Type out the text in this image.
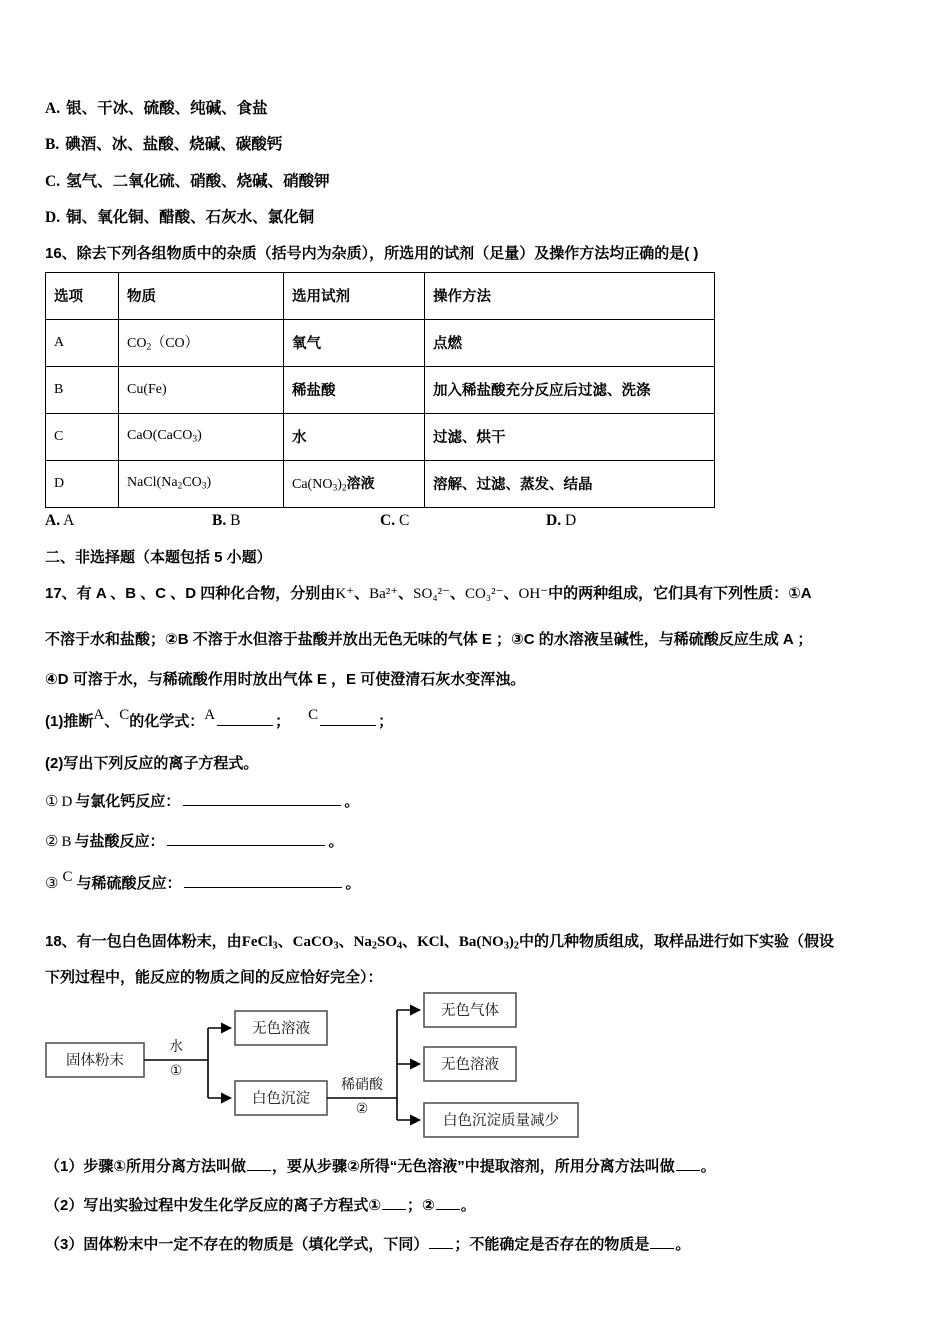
A. 银、干冰、硫酸、纯碱、食盐
B. 碘酒、冰、盐酸、烧碱、碳酸钙
C. 氢气、二氧化硫、硝酸、烧碱、硝酸钾
D. 铜、氧化铜、醋酸、石灰水、氯化铜
16、除去下列各组物质中的杂质（括号内为杂质），所选用的试剂（足量）及操作方法均正确的是( )
选项	物质	选用试剂	操作方法
A	$CO_2(CO)$	氧气	点燃
B	Cu(Fe)	稀盐酸	加入稀盐酸充分反应后过滤、洗涤
C	CaO(CaCO$_3$)	水	过滤、烘干
D	$NaCl(Na_2CO_3)$	$Ca(NO_3)_2$溶液	溶解、过滤、蒸发、结晶
A. A	B. B	C. C	D. D
二、非选择题（本题包括 5 小题）
17、有 A 、B 、C 、D 四种化合物，分别由K⁺、Ba²⁺、SO₄²⁻、CO₃²⁻、OH⁻中的两种组成，它们具有下列性质：①A
不溶于水和盐酸；②B 不溶于水但溶于盐酸并放出无色无味的气体 E ；③C 的水溶液呈碱性，与稀硫酸反应生成 A ；
④D 可溶于水，与稀硫酸作用时放出气体 E ，E 可使澄清石灰水变浑浊。
(1)推断A、C的化学式：A	； C	；
(2)写出下列反应的离子方程式。
① D 与氯化钙反应：	。
② B 与盐酸反应：	。
③ C 与稀硫酸反应：	。
18、有一包白色固体粉末，由FeCl$_3$、CaCO$_3$、$Na_2SO_4$、KCl、$Ba(NO_3)_2$中的几种物质组成，取样品进行如下实验（假设
下列过程中，能反应的物质之间的反应恰好完全）：
固体粉末
水
①
无色溶液
白色沉淀
稀硝酸
②
无色气体
无色溶液
白色沉淀质量减少
（1）步骤①所用分离方法叫做 ，要从步骤②所得“无色溶液”中提取溶剂，所用分离方法叫做 。
（2）写出实验过程中发生化学反应的离子方程式① ；② 。
（3）固体粉末中一定不存在的物质是（填化学式，下同） ；不能确定是否存在的物质是 。
